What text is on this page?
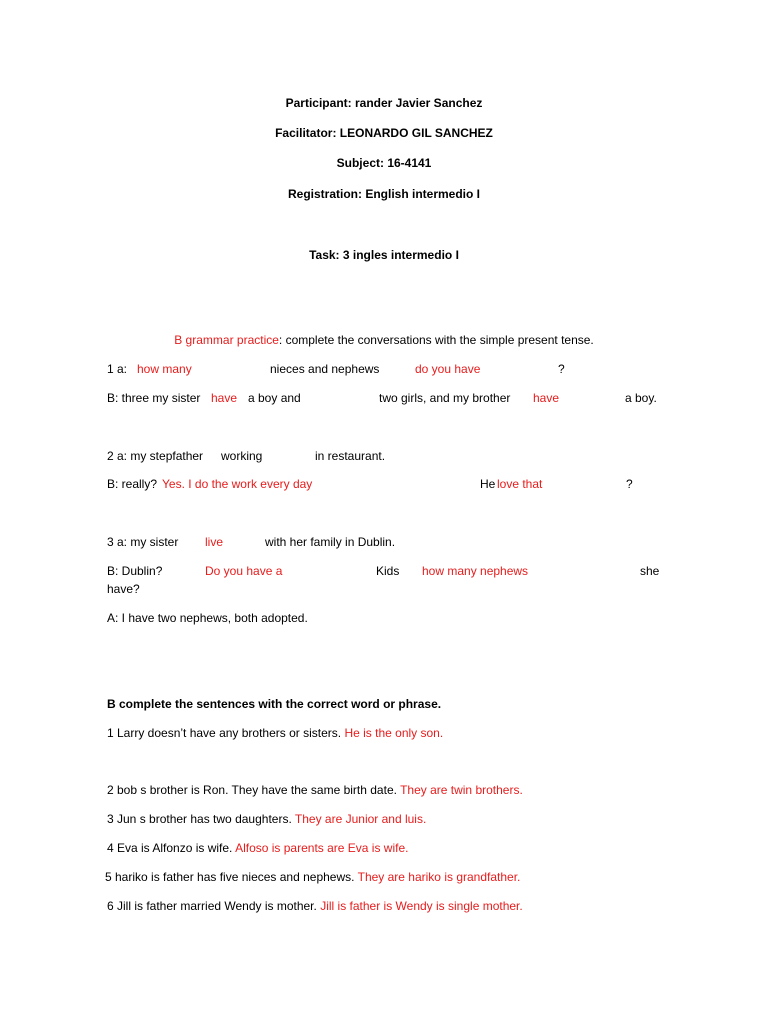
Participant: rander Javier Sanchez
Facilitator: LEONARDO GIL SANCHEZ
Subject: 16-4141
Registration: English intermedio I
Task: 3 ingles intermedio I
B grammar practice: complete the conversations with the simple present tense.
1 a: how many	nieces and nephews	do you have	?
B: three my sister have a boy and	two girls, and my brother have	a boy.
2 a: my stepfather working	in restaurant.
B: really? Yes. I do the work every day	He love that	?
3 a: my sister live	with her family in Dublin.
B: Dublin?	Do you have a	Kids how many nephews	she
have?
A: I have two nephews, both adopted.
B complete the sentences with the correct word or phrase.
1 Larry doesn’t have any brothers or sisters. He is the only son.
2 bob s brother is Ron. They have the same birth date. They are twin brothers.
3 Jun s brother has two daughters. They are Junior and luis.
4 Eva is Alfonzo is wife. Alfoso is parents are Eva is wife.
5 hariko is father has five nieces and nephews. They are hariko is grandfather.
6 Jill is father married Wendy is mother. Jill is father is Wendy is single mother.
